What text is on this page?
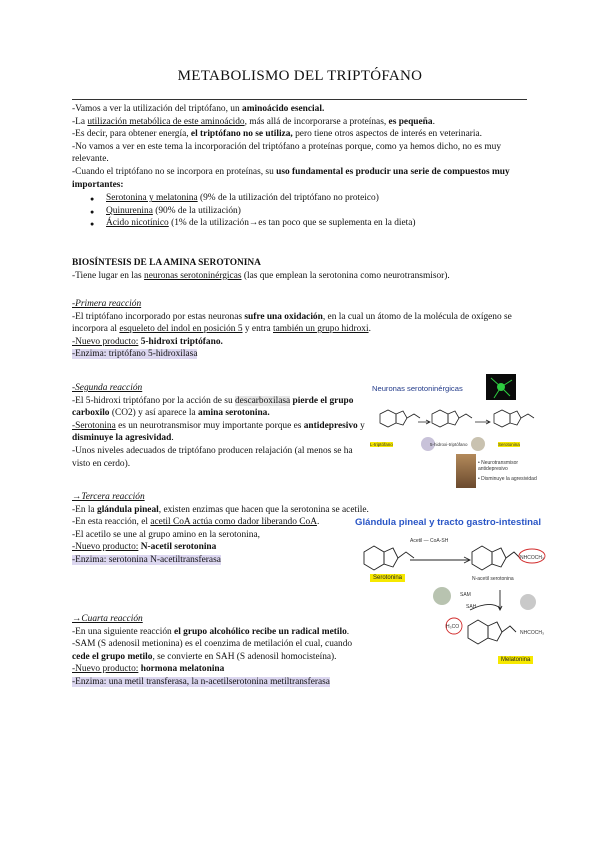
METABOLISMO DEL TRIPTÓFANO

-Vamos a ver la utilización del triptófano, un aminoácido esencial.

-La utilización metabólica de este aminoácido, más allá de incorporarse a proteínas, es pequeña.

-Es decir, para obtener energía, el triptófano no se utiliza, pero tiene otros aspectos de interés en veterinaria.

-No vamos a ver en este tema la incorporación del triptófano a proteínas porque, como ya hemos dicho, no es muy relevante.

-Cuando el triptófano no se incorpora en proteínas, su uso fundamental es producir una serie de compuestos muy importantes:

● Serotonina y melatonina (9% de la utilización del triptófano no proteico)
● Quinurenina (90% de la utilización)
● Ácido nicotínico (1% de la utilización→es tan poco que se suplementa en la dieta)

BIOSÍNTESIS DE LA AMINA SEROTONINA

-Tiene lugar en las neuronas serotoninérgicas (las que emplean la serotonina como neurotransmisor).

-Primera reacción

-El triptófano incorporado por estas neuronas sufre una oxidación, en la cual un átomo de la molécula de oxígeno se incorpora al esqueleto del indol en posición 5 y entra también un grupo hidroxi.

-Nuevo producto: 5-hidroxi triptófano.

-Enzima: triptófano 5-hidroxilasa

-Segunda reacción

-El 5-hidroxi triptófano por la acción de su descarboxilasa pierde el grupo carboxilo (CO2) y así aparece la amina serotonina.

-Serotonina es un neurotransmisor muy importante porque es antidepresivo y disminuye la agresividad.

-Unos niveles adecuados de triptófano producen relajación (al menos se ha visto en cerdo).

→Tercera reacción

-En la glándula pineal, existen enzimas que hacen que la serotonina se acetile.

-En esta reacción, el acetil CoA actúa como dador liberando CoA.

-El acetilo se une al grupo amino en la serotonina,

-Nuevo producto: N-acetil serotonina

-Enzima: serotonina N-acetiltransferasa

→Cuarta reacción

-En una siguiente reacción el grupo alcohólico recibe un radical metilo.

-SAM (S adenosil metionina) es el coenzima de metilación el cual, cuando cede el grupo metilo, se convierte en SAH (S adenosil homocisteína).

-Nuevo producto: hormona melatonina

-Enzima: una metil transferasa, la n-acetilserotonina metiltransferasa

Neuronas serotoninérgicas
L-triptófano	5-hidroxi-triptófano	Serotonina
• Neurotransmisor antidepresivo
• Disminuye la agresividad
Glándula pineal y tracto gastro-intestinal
Acetil — CoA-SH
NHCOCH₃
Serotonina	N-acetil serotonina
SAM
SAH
H₃CO
NHCOCH₃
Melatonina
